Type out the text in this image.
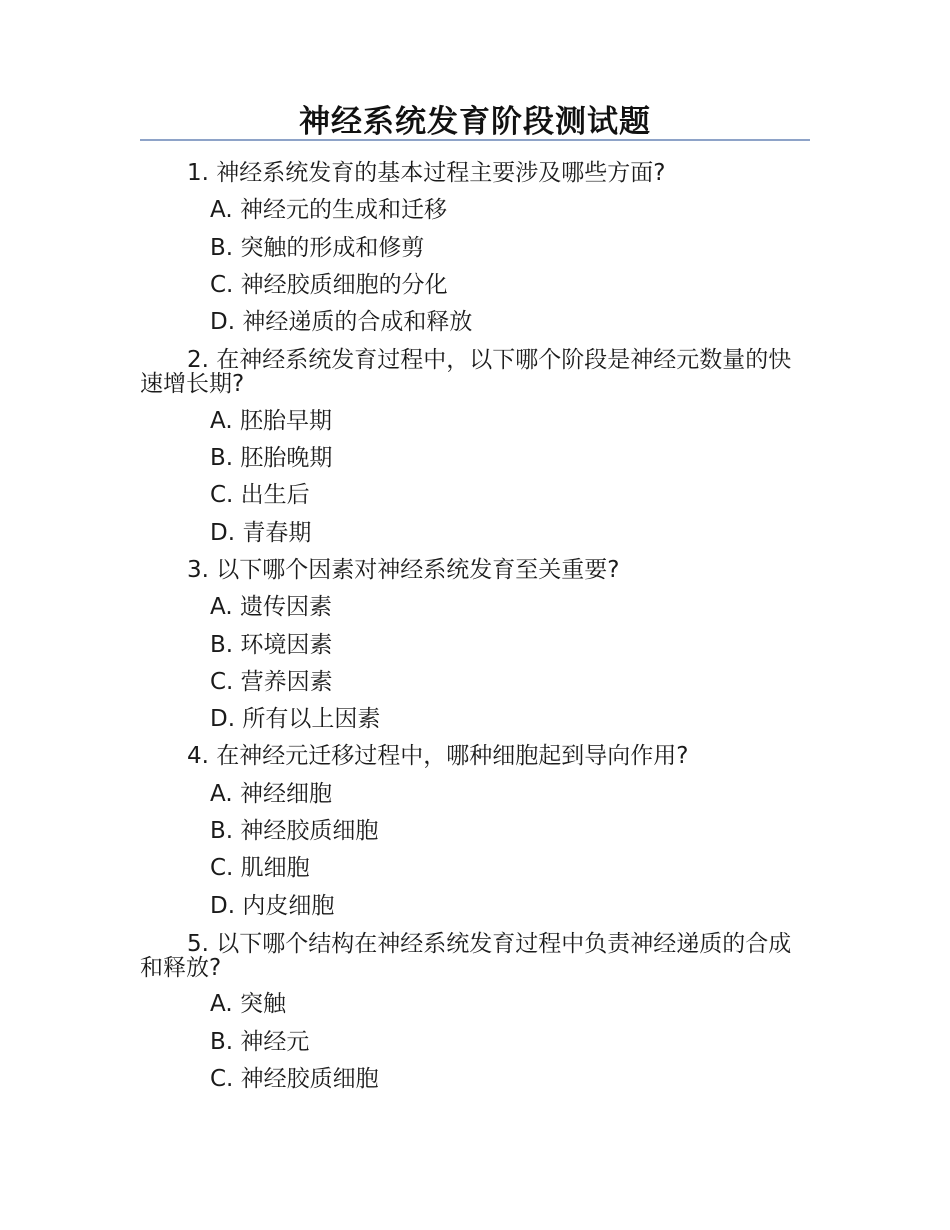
神经系统发育阶段测试题

1. 神经系统发育的基本过程主要涉及哪些方面?

A. 神经元的生成和迁移

B. 突触的形成和修剪

C. 神经胶质细胞的分化

D. 神经递质的合成和释放

2. 在神经系统发育过程中，以下哪个阶段是神经元数量的快速增长期?

A. 胚胎早期

B. 胚胎晚期

C. 出生后

D. 青春期

3. 以下哪个因素对神经系统发育至关重要?

A. 遗传因素

B. 环境因素

C. 营养因素

D. 所有以上因素

4. 在神经元迁移过程中，哪种细胞起到导向作用?

A. 神经细胞

B. 神经胶质细胞

C. 肌细胞

D. 内皮细胞

5. 以下哪个结构在神经系统发育过程中负责神经递质的合成和释放?

A. 突触

B. 神经元

C. 神经胶质细胞
